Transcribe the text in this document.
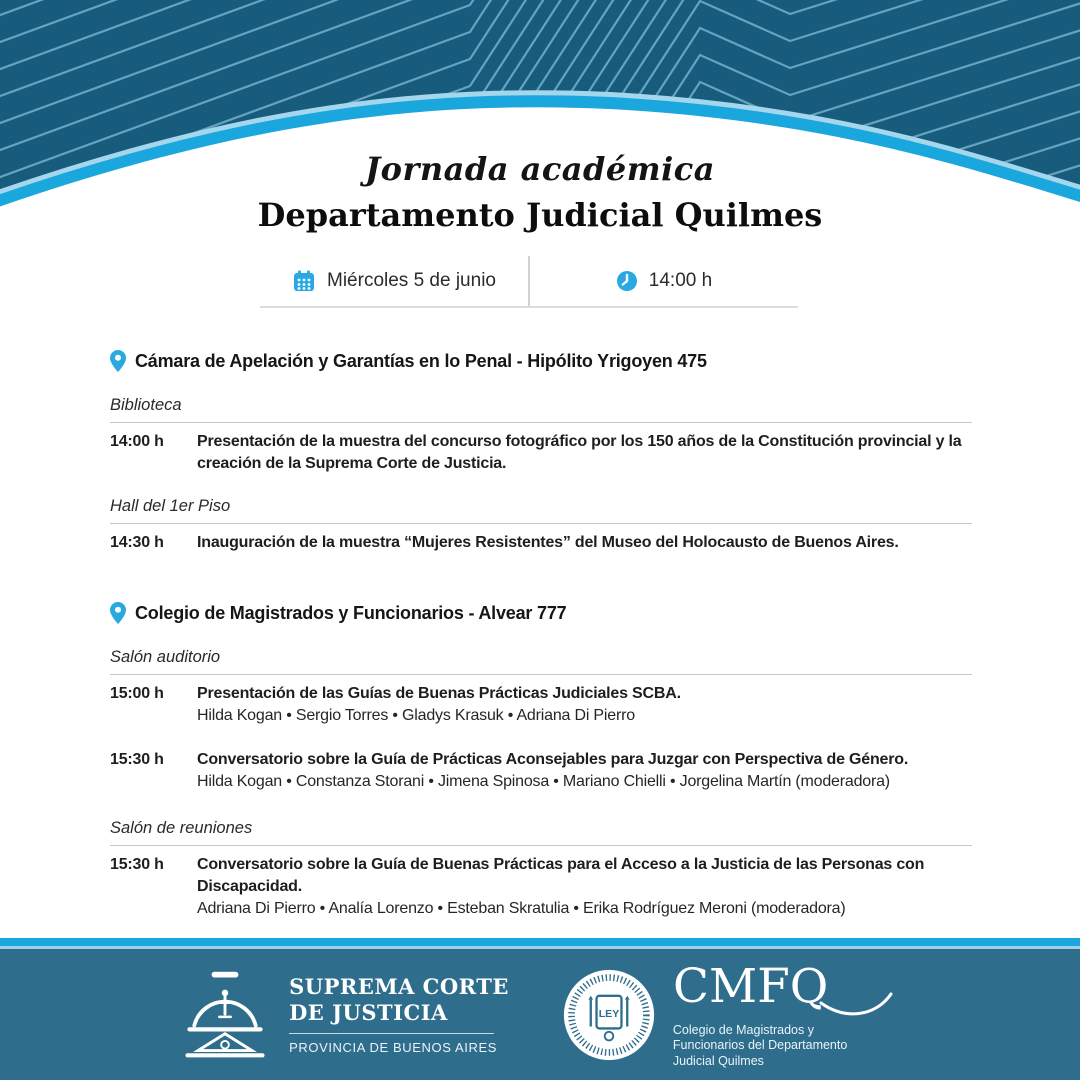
Jornada académica
Departamento Judicial Quilmes
Miércoles 5 de junio	14:00 h
Cámara de Apelación y Garantías en lo Penal - Hipólito Yrigoyen 475
Biblioteca
14:00 h	Presentación de la muestra del concurso fotográfico por los 150 años de la Constitución provincial y la creación de la Suprema Corte de Justicia.
Hall del 1er Piso
14:30 h	Inauguración de la muestra “Mujeres Resistentes” del Museo del Holocausto de Buenos Aires.
Colegio de Magistrados y Funcionarios - Alvear 777
Salón auditorio
15:00 h	Presentación de las Guías de Buenas Prácticas Judiciales SCBA.
Hilda Kogan • Sergio Torres • Gladys Krasuk • Adriana Di Pierro
15:30 h	Conversatorio sobre la Guía de Prácticas Aconsejables para Juzgar con Perspectiva de Género.
Hilda Kogan • Constanza Storani • Jimena Spinosa • Mariano Chielli • Jorgelina Martín (moderadora)
Salón de reuniones
15:30 h	Conversatorio sobre la Guía de Buenas Prácticas para el Acceso a la Justicia de las Personas con Discapacidad.
Adriana Di Pierro • Analía Lorenzo • Esteban Skratulia • Erika Rodríguez Meroni (moderadora)
SUPREMA CORTE
DE JUSTICIA
PROVINCIA DE BUENOS AIRES
LEY CMFQ
Colegio de Magistrados y
Funcionarios del Departamento
Judicial Quilmes
